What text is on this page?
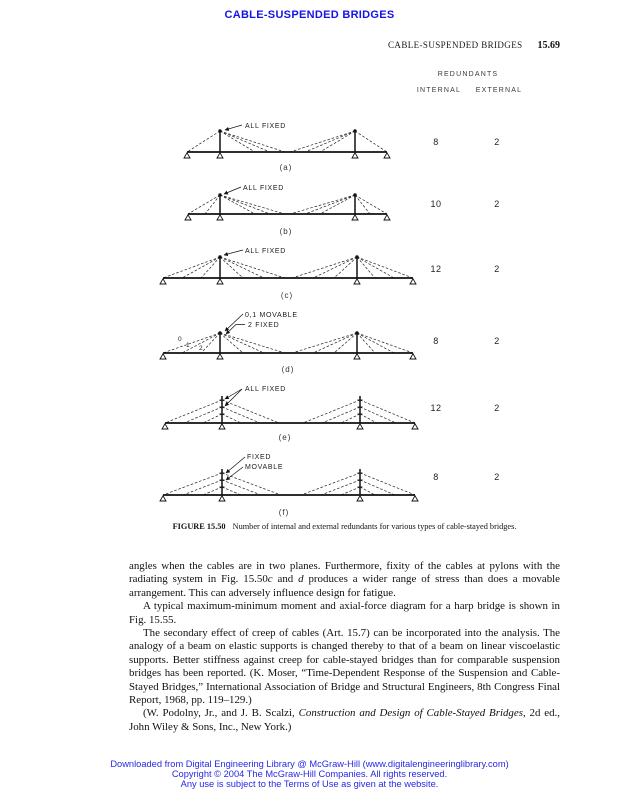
CABLE-SUSPENDED BRIDGES
CABLE-SUSPENDED BRIDGES 15.69
REDUNDANTS
INTERNAL	EXTERNAL
ALL FIXED
(a)
8	2
ALL FIXED
(b)
10	2
ALL FIXED
(c)
12	2
0,1 MOVABLE
2 FIXED
0
1 2
(d)
8	2
ALL FIXED
(e)
12	2
FIXED
MOVABLE
(f)
8	2
FIGURE 15.50 Number of internal and external redundants for various types of cable-stayed bridges.

angles when the cables are in two planes. Furthermore, fixity of the cables at pylons with the radiating system in Fig. 15.50c and d produces a wider range of stress than does a movable arrangement. This can adversely influence design for fatigue.

A typical maximum-minimum moment and axial-force diagram for a harp bridge is shown in Fig. 15.55.

The secondary effect of creep of cables (Art. 15.7) can be incorporated into the analysis. The analogy of a beam on elastic supports is changed thereby to that of a beam on linear viscoelastic supports. Better stiffness against creep for cable-stayed bridges than for comparable suspension bridges has been reported. (K. Moser, “Time-Dependent Response of the Suspension and Cable-Stayed Bridges,” International Association of Bridge and Structural Engineers, 8th Congress Final Report, 1968, pp. 119–129.)

(W. Podolny, Jr., and J. B. Scalzi, Construction and Design of Cable-Stayed Bridges, 2d ed., John Wiley & Sons, Inc., New York.)

Downloaded from Digital Engineering Library @ McGraw-Hill (www.digitalengineeringlibrary.com)
Copyright © 2004 The McGraw-Hill Companies. All rights reserved.
Any use is subject to the Terms of Use as given at the website.
